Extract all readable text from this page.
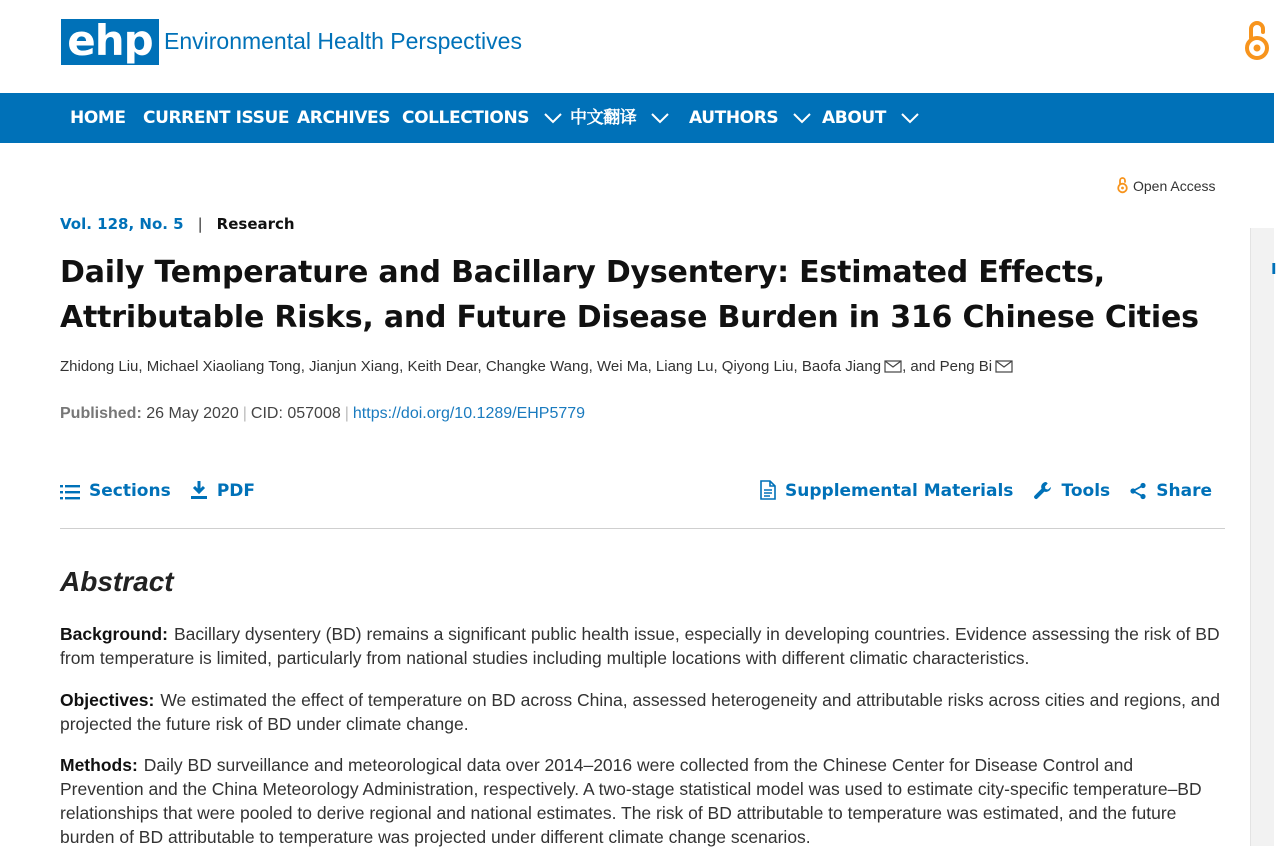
ehp Environmental Health Perspectives
HOME CURRENT ISSUE ARCHIVES COLLECTIONS	中文翻译	AUTHORS	ABOUT
Open Access
Vol. 128, No. 5 | Research
Daily Temperature and Bacillary Dysentery: Estimated Effects, Attributable Risks, and Future Disease Burden in 316 Chinese Cities
Zhidong Liu, Michael Xiaoliang Tong, Jianjun Xiang, Keith Dear, Changke Wang, Wei Ma, Liang Lu, Qiyong Liu, Baofa Jiang , and Peng Bi
Published: 26 May 2020 | CID: 057008 | https://doi.org/10.1289/EHP5779
Sections	PDF	Supplemental Materials	Tools	Share
Abstract

Background: Bacillary dysentery (BD) remains a significant public health issue, especially in developing countries. Evidence assessing the risk of BD from temperature is limited, particularly from national studies including multiple locations with different climatic characteristics.

Objectives: We estimated the effect of temperature on BD across China, assessed heterogeneity and attributable risks across cities and regions, and projected the future risk of BD under climate change.

Methods: Daily BD surveillance and meteorological data over 2014–2016 were collected from the Chinese Center for Disease Control and Prevention and the China Meteorology Administration, respectively. A two-stage statistical model was used to estimate city-specific temperature–BD relationships that were pooled to derive regional and national estimates. The risk of BD attributable to temperature was estimated, and the future burden of BD attributable to temperature was projected under different climate change scenarios.

I
